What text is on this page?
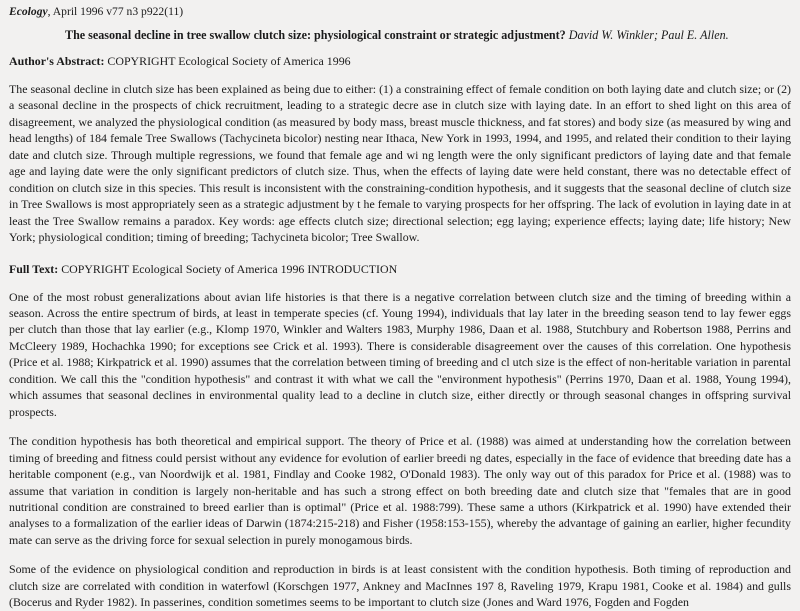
Ecology, April 1996 v77 n3 p922(11)
The seasonal decline in tree swallow clutch size: physiological constraint or strategic adjustment? David W. Winkler; Paul E. Allen.
Author's Abstract: COPYRIGHT Ecological Society of America 1996

The seasonal decline in clutch size has been explained as being due to either: (1) a constraining effect of female condition on both laying date and clutch size; or (2) a seasonal decline in the prospects of chick recruitment, leading to a strategic decre ase in clutch size with laying date. In an effort to shed light on this area of disagreement, we analyzed the physiological condition (as measured by body mass, breast muscle thickness, and fat stores) and body size (as measured by wing and head lengths) of 184 female Tree Swallows (Tachycineta bicolor) nesting near Ithaca, New York in 1993, 1994, and 1995, and related their condition to their laying date and clutch size. Through multiple regressions, we found that female age and wi ng length were the only significant predictors of laying date and that female age and laying date were the only significant predictors of clutch size. Thus, when the effects of laying date were held constant, there was no detectable effect of condition on clutch size in this species. This result is inconsistent with the constraining-condition hypothesis, and it suggests that the seasonal decline of clutch size in Tree Swallows is most appropriately seen as a strategic adjustment by t he female to varying prospects for her offspring. The lack of evolution in laying date in at least the Tree Swallow remains a paradox. Key words: age effects clutch size; directional selection; egg laying; experience effects; laying date; life history; New York; physiological condition; timing of breeding; Tachycineta bicolor; Tree Swallow.

Full Text: COPYRIGHT Ecological Society of America 1996 INTRODUCTION

One of the most robust generalizations about avian life histories is that there is a negative correlation between clutch size and the timing of breeding within a season. Across the entire spectrum of birds, at least in temperate species (cf. Young 1994), individuals that lay later in the breeding season tend to lay fewer eggs per clutch than those that lay earlier (e.g., Klomp 1970, Winkler and Walters 1983, Murphy 1986, Daan et al. 1988, Stutchbury and Robertson 1988, Perrins and McCleery 1989, Hochachka 1990; for exceptions see Crick et al. 1993). There is considerable disagreement over the causes of this correlation. One hypothesis (Price et al. 1988; Kirkpatrick et al. 1990) assumes that the correlation between timing of breeding and cl utch size is the effect of non-heritable variation in parental condition. We call this the "condition hypothesis" and contrast it with what we call the "environment hypothesis" (Perrins 1970, Daan et al. 1988, Young 1994), which assumes that seasonal declines in environmental quality lead to a decline in clutch size, either directly or through seasonal changes in offspring survival prospects.

The condition hypothesis has both theoretical and empirical support. The theory of Price et al. (1988) was aimed at understanding how the correlation between timing of breeding and fitness could persist without any evidence for evolution of earlier breedi ng dates, especially in the face of evidence that breeding date has a heritable component (e.g., van Noordwijk et al. 1981, Findlay and Cooke 1982, O'Donald 1983). The only way out of this paradox for Price et al. (1988) was to assume that variation in condition is largely non-heritable and has such a strong effect on both breeding date and clutch size that "females that are in good nutritional condition are constrained to breed earlier than is optimal" (Price et al. 1988:799). These same a uthors (Kirkpatrick et al. 1990) have extended their analyses to a formalization of the earlier ideas of Darwin (1874:215-218) and Fisher (1958:153-155), whereby the advantage of gaining an earlier, higher fecundity mate can serve as the driving force for sexual selection in purely monogamous birds.

Some of the evidence on physiological condition and reproduction in birds is at least consistent with the condition hypothesis. Both timing of reproduction and clutch size are correlated with condition in waterfowl (Korschgen 1977, Ankney and MacInnes 197 8, Raveling 1979, Krapu 1981, Cooke et al. 1984) and gulls (Bocerus and Ryder 1982). In passerines, condition sometimes seems to be important to clutch size (Jones and Ward 1976, Fogden and Fogden
